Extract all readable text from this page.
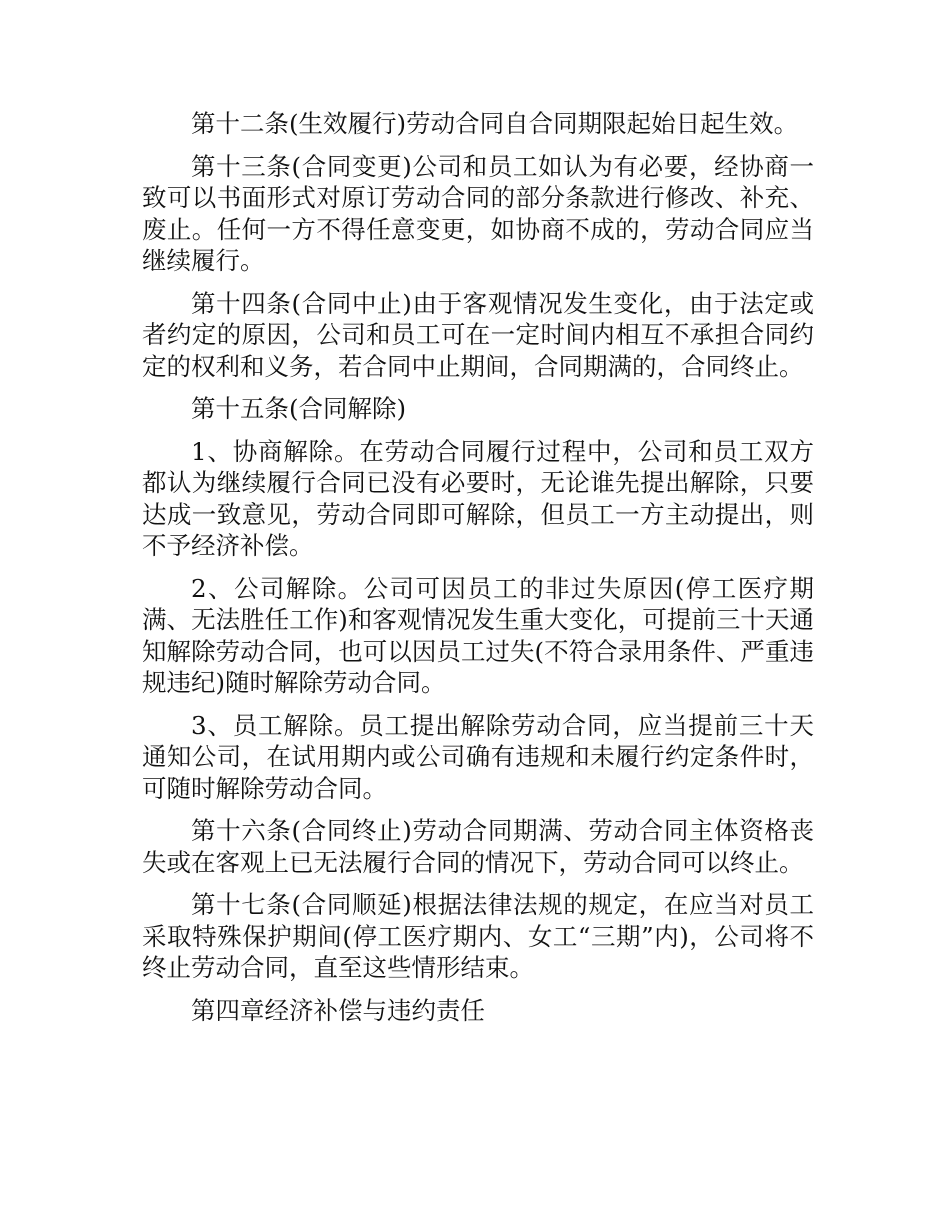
第十二条(生效履行)劳动合同自合同期限起始日起生效。

第十三条(合同变更)公司和员工如认为有必要，经协商一致可以书面形式对原订劳动合同的部分条款进行修改、补充、废止。任何一方不得任意变更，如协商不成的，劳动合同应当继续履行。

第十四条(合同中止)由于客观情况发生变化，由于法定或者约定的原因，公司和员工可在一定时间内相互不承担合同约定的权利和义务，若合同中止期间，合同期满的，合同终止。

第十五条(合同解除)

1、协商解除。在劳动合同履行过程中，公司和员工双方都认为继续履行合同已没有必要时，无论谁先提出解除，只要达成一致意见，劳动合同即可解除，但员工一方主动提出，则不予经济补偿。

2、公司解除。公司可因员工的非过失原因(停工医疗期满、无法胜任工作)和客观情况发生重大变化，可提前三十天通知解除劳动合同，也可以因员工过失(不符合录用条件、严重违规违纪)随时解除劳动合同。

3、员工解除。员工提出解除劳动合同，应当提前三十天通知公司，在试用期内或公司确有违规和未履行约定条件时，可随时解除劳动合同。

第十六条(合同终止)劳动合同期满、劳动合同主体资格丧失或在客观上已无法履行合同的情况下，劳动合同可以终止。

第十七条(合同顺延)根据法律法规的规定，在应当对员工采取特殊保护期间(停工医疗期内、女工“三期”内)，公司将不终止劳动合同，直至这些情形结束。

第四章经济补偿与违约责任
